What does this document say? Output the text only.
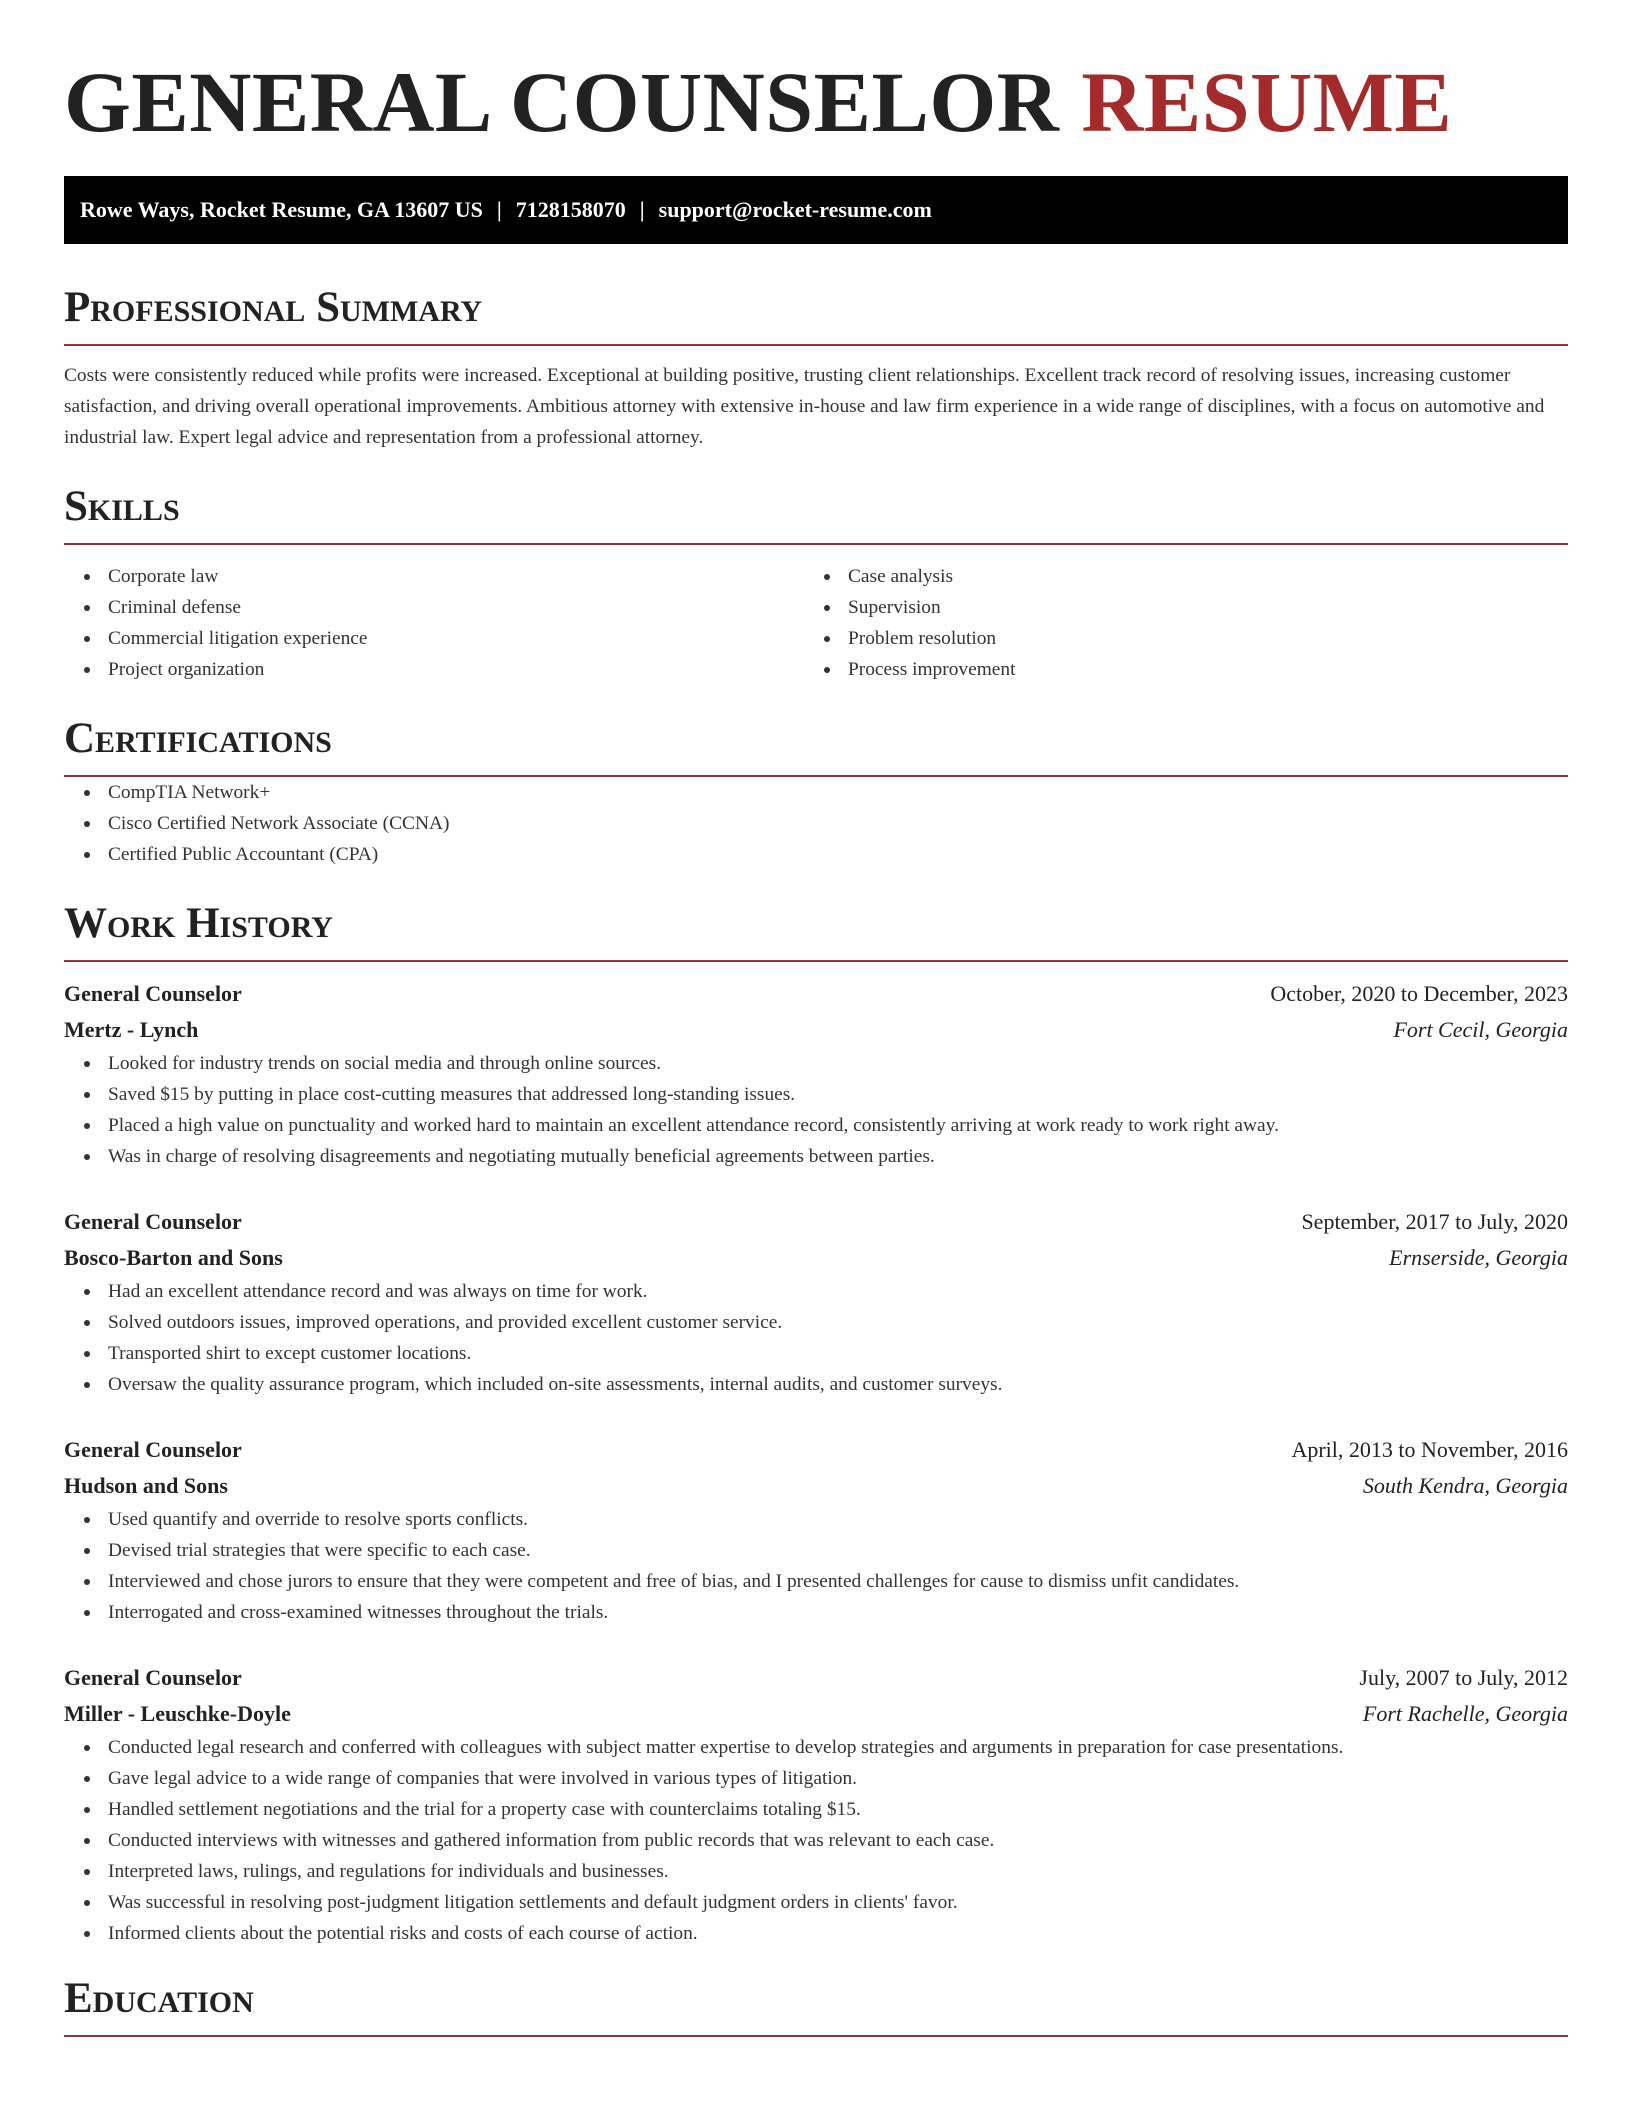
GENERAL COUNSELOR RESUME
Rowe Ways, Rocket Resume, GA 13607 US | 7128158070 | support@rocket-resume.com
Professional Summary

Costs were consistently reduced while profits were increased. Exceptional at building positive, trusting client relationships. Excellent track record of resolving issues, increasing customer satisfaction, and driving overall operational improvements. Ambitious attorney with extensive in-house and law firm experience in a wide range of disciplines, with a focus on automotive and industrial law. Expert legal advice and representation from a professional attorney.

Skills
Corporate law
Criminal defense
Commercial litigation experience
Project organization
Case analysis
Supervision
Problem resolution
Process improvement
Certifications
CompTIA Network+
Cisco Certified Network Associate (CCNA)
Certified Public Accountant (CPA)
Work History
General Counselor	October, 2020 to December, 2023
Mertz - Lynch	Fort Cecil, Georgia
Looked for industry trends on social media and through online sources.
Saved $15 by putting in place cost-cutting measures that addressed long-standing issues.
Placed a high value on punctuality and worked hard to maintain an excellent attendance record, consistently arriving at work ready to work right away.
Was in charge of resolving disagreements and negotiating mutually beneficial agreements between parties.
General Counselor	September, 2017 to July, 2020
Bosco-Barton and Sons	Ernserside, Georgia
Had an excellent attendance record and was always on time for work.
Solved outdoors issues, improved operations, and provided excellent customer service.
Transported shirt to except customer locations.
Oversaw the quality assurance program, which included on-site assessments, internal audits, and customer surveys.
General Counselor	April, 2013 to November, 2016
Hudson and Sons	South Kendra, Georgia
Used quantify and override to resolve sports conflicts.
Devised trial strategies that were specific to each case.
Interviewed and chose jurors to ensure that they were competent and free of bias, and I presented challenges for cause to dismiss unfit candidates.
Interrogated and cross-examined witnesses throughout the trials.
General Counselor	July, 2007 to July, 2012
Miller - Leuschke-Doyle	Fort Rachelle, Georgia
Conducted legal research and conferred with colleagues with subject matter expertise to develop strategies and arguments in preparation for case presentations.
Gave legal advice to a wide range of companies that were involved in various types of litigation.
Handled settlement negotiations and the trial for a property case with counterclaims totaling $15.
Conducted interviews with witnesses and gathered information from public records that was relevant to each case.
Interpreted laws, rulings, and regulations for individuals and businesses.
Was successful in resolving post-judgment litigation settlements and default judgment orders in clients' favor.
Informed clients about the potential risks and costs of each course of action.
Education
